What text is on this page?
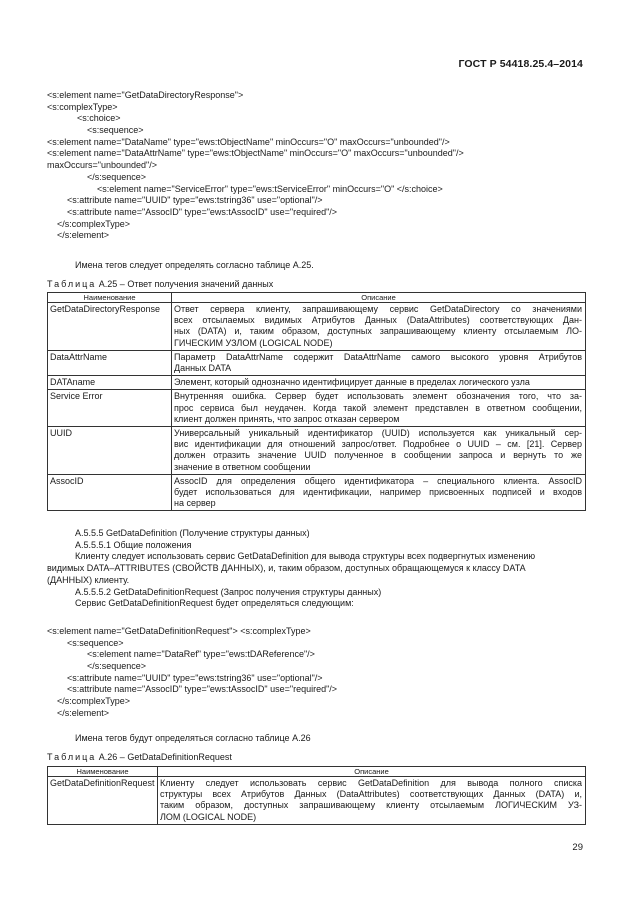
ГОСТ Р 54418.25.4–2014
<s:element name="GetDataDirectoryResponse">
<s:complexType>
<s:choice>
<s:sequence>
<s:element name="DataName" type="ews:tObjectName" minOccurs="O" maxOccurs="unbounded"/>
<s:element name="DataAttrName" type="ews:tObjectName" minOccurs="O" maxOccurs="unbounded"/>
maxOccurs="unbounded"/>
</s:sequence>
<s:element name="ServiceError" type="ews:tServiceError" minOccurs="O" </s:choice>
<s:attribute name="UUID" type="ews:tstring36" use="optional"/>
<s:attribute name="AssocID" type="ews:tAssocID" use="required"/>
</s:complexType>
</s:element>
Имена тегов следует определять согласно таблице А.25.
Таблица А.25 – Ответ получения значений данных
Наименование	Описание
GetDataDirectoryResponse	Ответ сервера клиенту, запрашивающему сервис GetDataDirectory со значениями
всех отсылаемых видимых Атрибутов Данных (DataAttributes) соответствующих Дан-
ных (DATA) и, таким образом, доступных запрашивающему клиенту отсылаемым ЛО-
ГИЧЕСКИМ УЗЛОМ (LOGICAL NODE)

DataAttrName	Параметр DataAttrName содержит DataAttrName самого высокого уровня Атрибутов
Данных DATA

DATAname	Элемент, который однозначно идентифицирует данные в пределах логического узла

Service Error	Внутренняя ошибка. Сервер будет использовать элемент обозначения того, что за-
прос сервиса был неудачен. Когда такой элемент представлен в ответном сообщении,
клиент должен принять, что запрос отказан сервером

UUID	Универсальный уникальный идентификатор (UUID) используется как уникальный сер-
вис идентификации для отношений запрос/ответ. Подробнее о UUID – см. [21]. Сервер
должен отразить значение UUID полученное в сообщении запроса и вернуть то же
значение в ответном сообщении

AssocID	AssocID для определения общего идентификатора – специального клиента. AssocID
будет использоваться для идентификации, например присвоенных подписей и входов
на сервер
A.5.5.5 GetDataDefinition (Получение структуры данных)
A.5.5.5.1 Общие положения
Клиенту следует использовать сервис GetDataDefinition для вывода структуры всех подвергнутых изменению
видимых DATA–ATTRIBUTES (СВОЙСТВ ДАННЫХ), и, таким образом, доступных обращающемуся к классу DATA
(ДАННЫХ) клиенту.
A.5.5.5.2 GetDataDefinitionRequest (Запрос получения структуры данных)
Сервис GetDataDefinitionRequest будет определяться следующим:
<s:element name="GetDataDefinitionRequest"> <s:complexType>
<s:sequence>
<s:element name="DataRef" type="ews:tDAReference"/>
</s:sequence>
<s:attribute name="UUID" type="ews:tstring36" use="optional"/>
<s:attribute name="AssocID" type="ews:tAssocID" use="required"/>
</s:complexType>
</s:element>
Имена тегов будут определяться согласно таблице А.26
Таблица А.26 – GetDataDefinitionRequest
Наименование	Описание
GetDataDefinitionRequest	Клиенту следует использовать сервис GetDataDefinition для вывода полного списка
структуры всех Атрибутов Данных (DataAttributes) соответствующих Данных (DATA) и,
таким образом, доступных запрашивающему клиенту отсылаемым ЛОГИЧЕСКИМ УЗ-
ЛОМ (LOGICAL NODE)
29
